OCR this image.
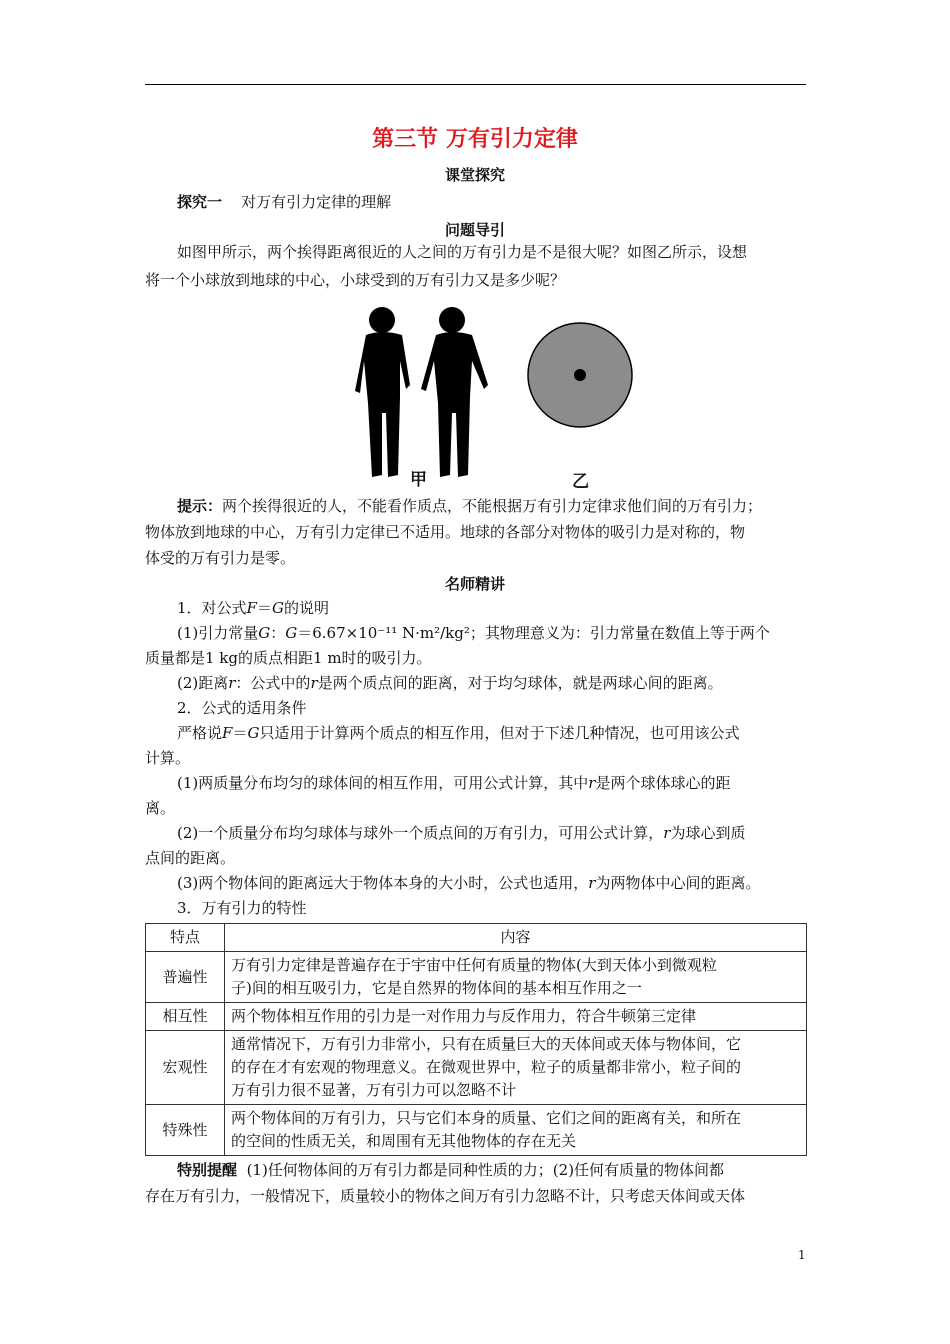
第三节 万有引力定律
课堂探究
探究一 对万有引力定律的理解
问题导引
如图甲所示，两个挨得距离很近的人之间的万有引力是不是很大呢？如图乙所示，设想
将一个小球放到地球的中心，小球受到的万有引力又是多少呢？
甲	乙
提示：两个挨得很近的人，不能看作质点，不能根据万有引力定律求他们间的万有引力；
物体放到地球的中心，万有引力定律已不适用。地球的各部分对物体的吸引力是对称的，物
体受的万有引力是零。
名师精讲
1．对公式F＝G的说明
(1)引力常量G：G＝6.67×10⁻¹¹ N·m²/kg²；其物理意义为：引力常量在数值上等于两个
质量都是1 kg的质点相距1 m时的吸引力。
(2)距离r：公式中的r是两个质点间的距离，对于均匀球体，就是两球心间的距离。
2．公式的适用条件
严格说F＝G只适用于计算两个质点的相互作用，但对于下述几种情况，也可用该公式
计算。
(1)两质量分布均匀的球体间的相互作用，可用公式计算，其中r是两个球体球心的距
离。
(2)一个质量分布均匀球体与球外一个质点间的万有引力，可用公式计算，r为球心到质
点间的距离。
(3)两个物体间的距离远大于物体本身的大小时，公式也适用，r为两物体中心间的距离。
3．万有引力的特性
特点	内容
普遍性	万有引力定律是普遍存在于宇宙中任何有质量的物体(大到天体小到微观粒
子)间的相互吸引力，它是自然界的物体间的基本相互作用之一

相互性	两个物体相互作用的引力是一对作用力与反作用力，符合牛顿第三定律

宏观性	通常情况下，万有引力非常小，只有在质量巨大的天体间或天体与物体间，它
的存在才有宏观的物理意义。在微观世界中，粒子的质量都非常小，粒子间的
万有引力很不显著，万有引力可以忽略不计

特殊性	两个物体间的万有引力，只与它们本身的质量、它们之间的距离有关，和所在
的空间的性质无关，和周围有无其他物体的存在无关
特别提醒 (1)任何物体间的万有引力都是同种性质的力；(2)任何有质量的物体间都
存在万有引力，一般情况下，质量较小的物体之间万有引力忽略不计，只考虑天体间或天体
1
